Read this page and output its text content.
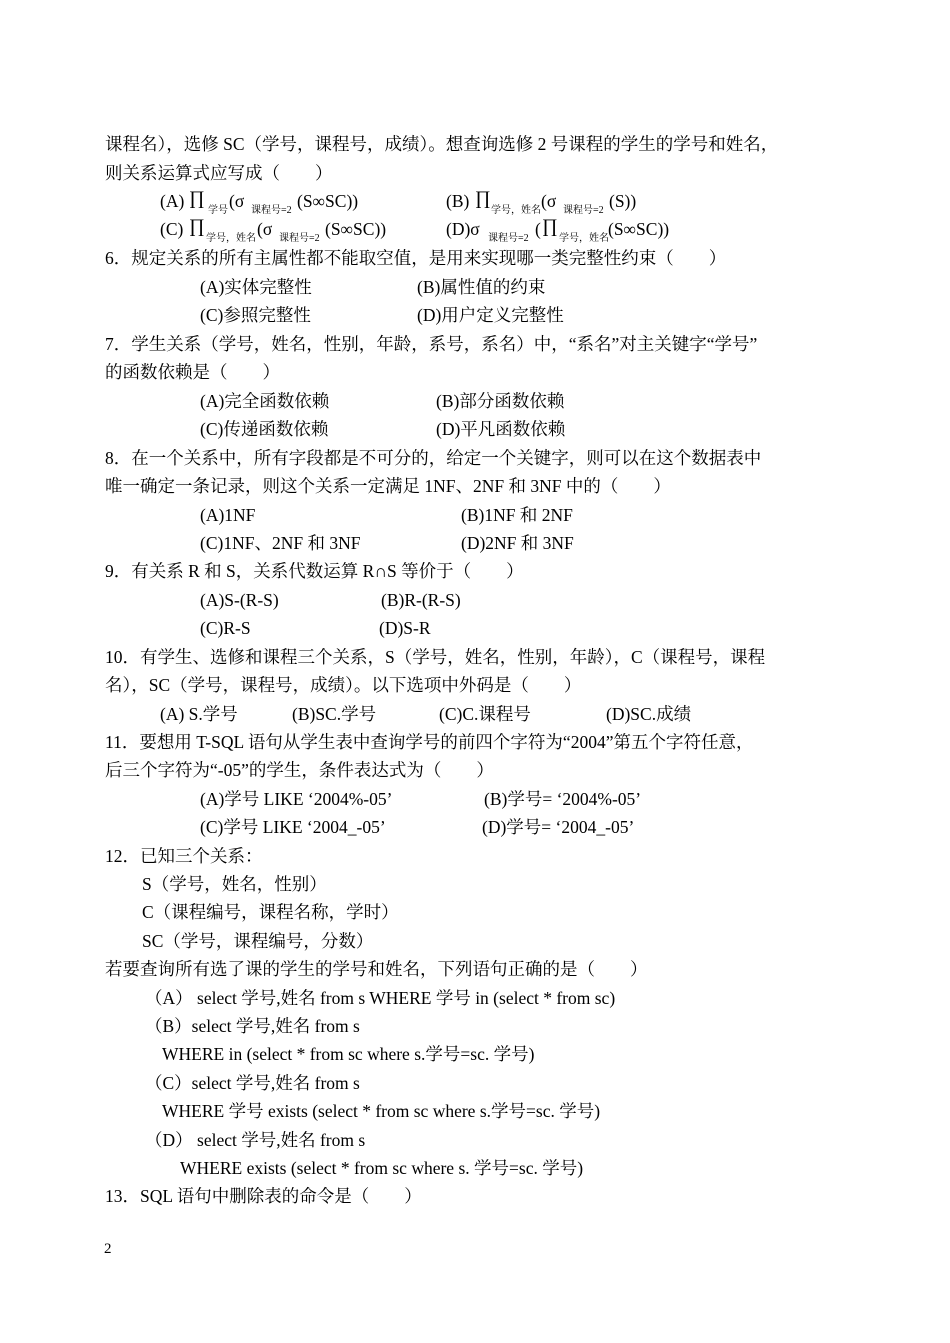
课程名），选修 SC（学号，课程号，成绩）。想查询选修 2 号课程的学生的学号和姓名，
则关系运算式应写成（　　）
(A) ∏
学号 (σ 课程号=2 (S∞SC))	(B) ∏
学号，姓名 (σ 课程号=2 (S))
(C) ∏
学号，姓名 (σ 课程号=2 (S∞SC))	(D)σ 课程号=2 ( ∏
学号，姓名 (S∞SC))
6．规定关系的所有主属性都不能取空值，是用来实现哪一类完整性约束（　　）
(A)实体完整性	(B)属性值的约束
(C)参照完整性	(D)用户定义完整性
7．学生关系（学号，姓名，性别，年龄，系号，系名）中，“系名”对主关键字“学号”
的函数依赖是（　　）
(A)完全函数依赖	(B)部分函数依赖
(C)传递函数依赖	(D)平凡函数依赖
8．在一个关系中，所有字段都是不可分的，给定一个关键字，则可以在这个数据表中
唯一确定一条记录，则这个关系一定满足 1NF、2NF 和 3NF 中的（　　）
(A)1NF	(B)1NF 和 2NF
(C)1NF、2NF 和 3NF	(D)2NF 和 3NF
9．有关系 R 和 S，关系代数运算 R∩S 等价于（　　）
(A)S-(R-S)	(B)R-(R-S)
(C)R-S	(D)S-R
10．有学生、选修和课程三个关系，S（学号，姓名，性别，年龄），C（课程号，课程
名），SC（学号，课程号，成绩）。以下选项中外码是（　　）
(A) S.学号	(B)SC.学号	(C)C.课程号	(D)SC.成绩
11．要想用 T-SQL 语句从学生表中查询学号的前四个字符为“2004”第五个字符任意，
后三个字符为“-05”的学生，条件表达式为（　　）
(A)学号 LIKE ‘2004%-05’	(B)学号= ‘2004%-05’
(C)学号 LIKE ‘2004_-05’	(D)学号= ‘2004_-05’
12．已知三个关系：
S（学号，姓名，性别）
C（课程编号，课程名称，学时）
SC（学号，课程编号，分数）
若要查询所有选了课的学生的学号和姓名，下列语句正确的是（　　）
（A） select 学号,姓名 from s WHERE 学号 in (select * from sc)
（B）select 学号,姓名 from s
WHERE in (select * from sc where s.学号=sc. 学号)
（C）select 学号,姓名 from s
WHERE 学号 exists (select * from sc where s.学号=sc. 学号)
（D） select 学号,姓名 from s
WHERE exists (select * from sc where s. 学号=sc. 学号)
13．SQL 语句中删除表的命令是（　　）
2
